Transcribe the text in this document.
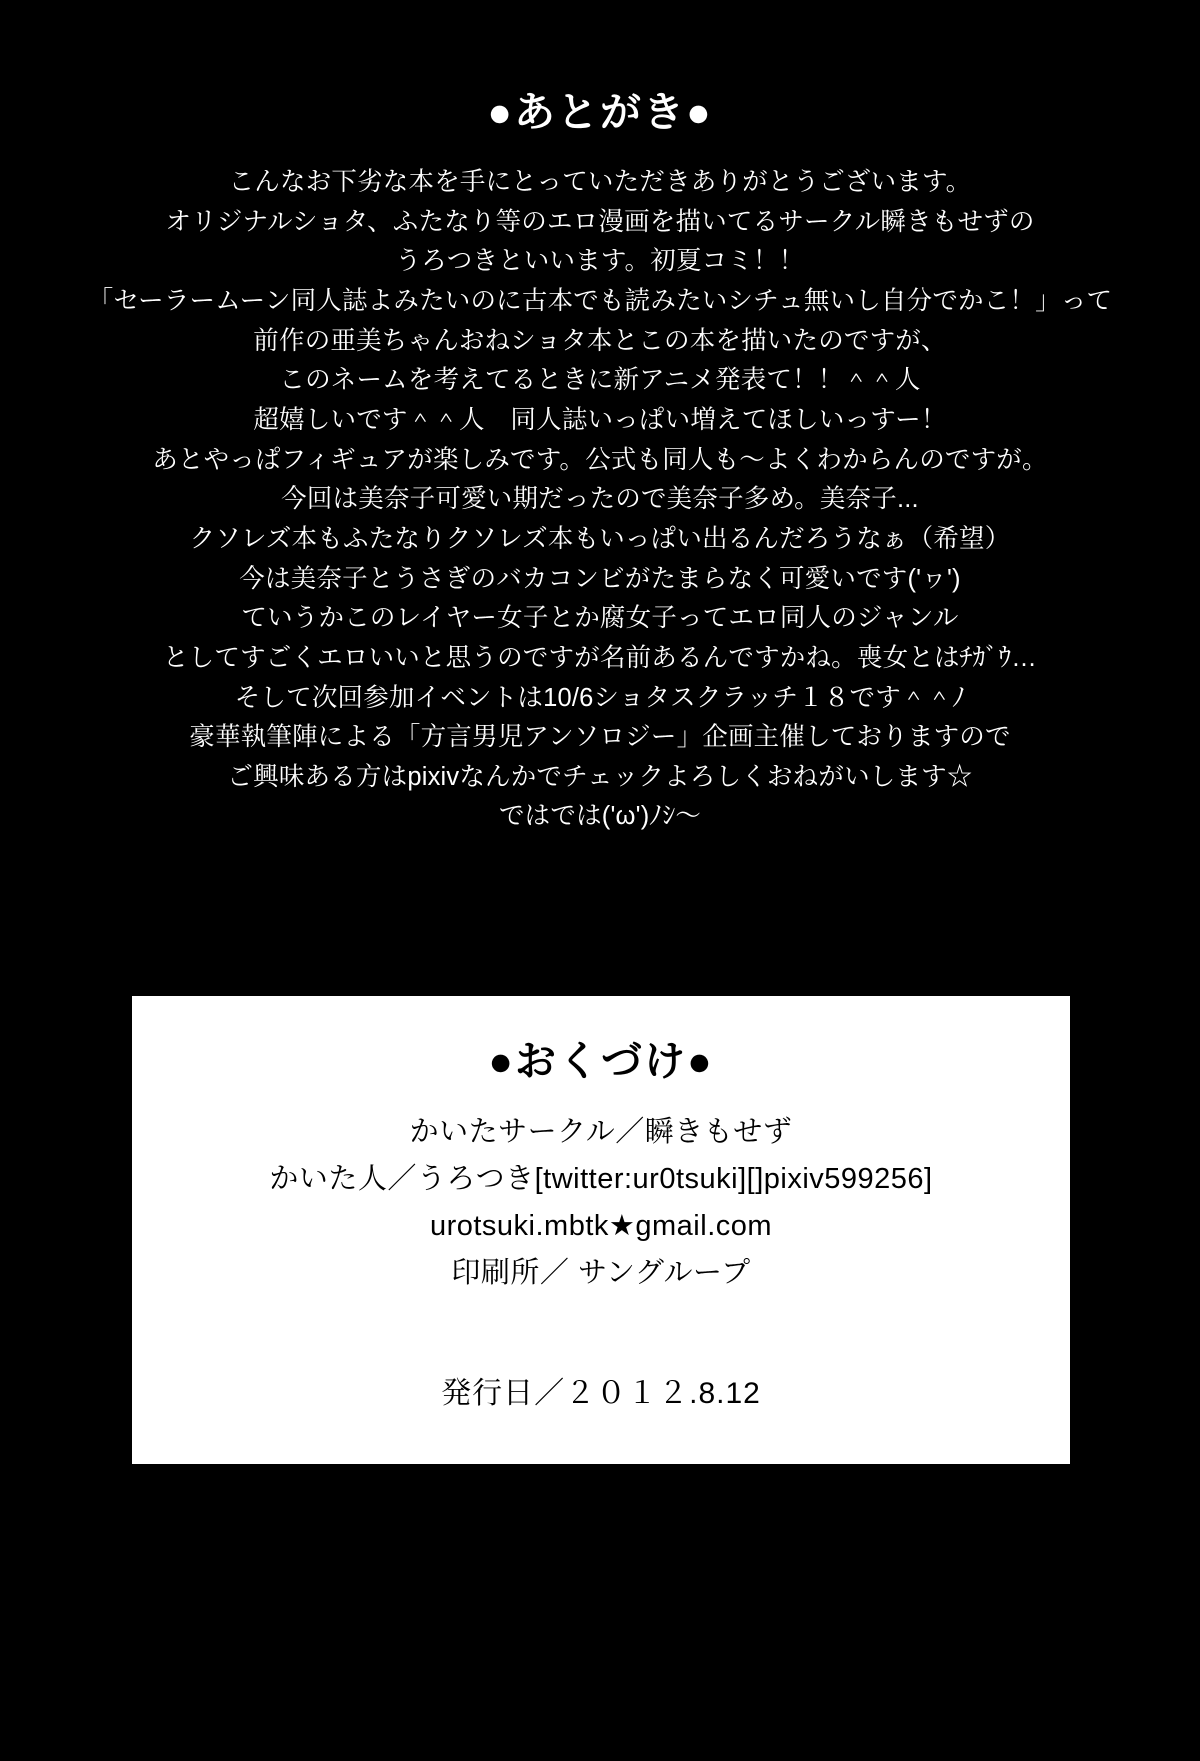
●あとがき●
こんなお下劣な本を手にとっていただきありがとうございます。
オリジナルショタ、ふたなり等のエロ漫画を描いてるサークル瞬きもせずの
うろつきといいます。初夏コミ！！
「セーラームーン同人誌よみたいのに古本でも読みたいシチュ無いし自分でかこ！」って
前作の亜美ちゃんおねショタ本とこの本を描いたのですが、
このネームを考えてるときに新アニメ発表て！！＾＾人
超嬉しいです＾＾人　同人誌いっぱい増えてほしいっすー！
あとやっぱフィギュアが楽しみです。公式も同人も～よくわからんのですが。
今回は美奈子可愛い期だったので美奈子多め。美奈子...
クソレズ本もふたなりクソレズ本もいっぱい出るんだろうなぁ（希望）
今は美奈子とうさぎのバカコンビがたまらなく可愛いです('ヮ')
ていうかこのレイヤー女子とか腐女子ってエロ同人のジャンル
としてすごくエロいいと思うのですが名前あるんですかね。喪女とはﾁｶﾞｳ…
そして次回参加イベントは10/6ショタスクラッチ１８です＾＾ﾉ
豪華執筆陣による「方言男児アンソロジー」企画主催しておりますので
ご興味ある方はpixivなんかでチェックよろしくおねがいします☆
ではでは('ω')ﾉｼ～
●おくづけ●
かいたサークル／瞬きもせず
かいた人／うろつき[twitter:ur0tsuki][]pixiv599256]
urotsuki.mbtk★gmail.com
印刷所／ サングループ
発行日／２０１２.8.12
